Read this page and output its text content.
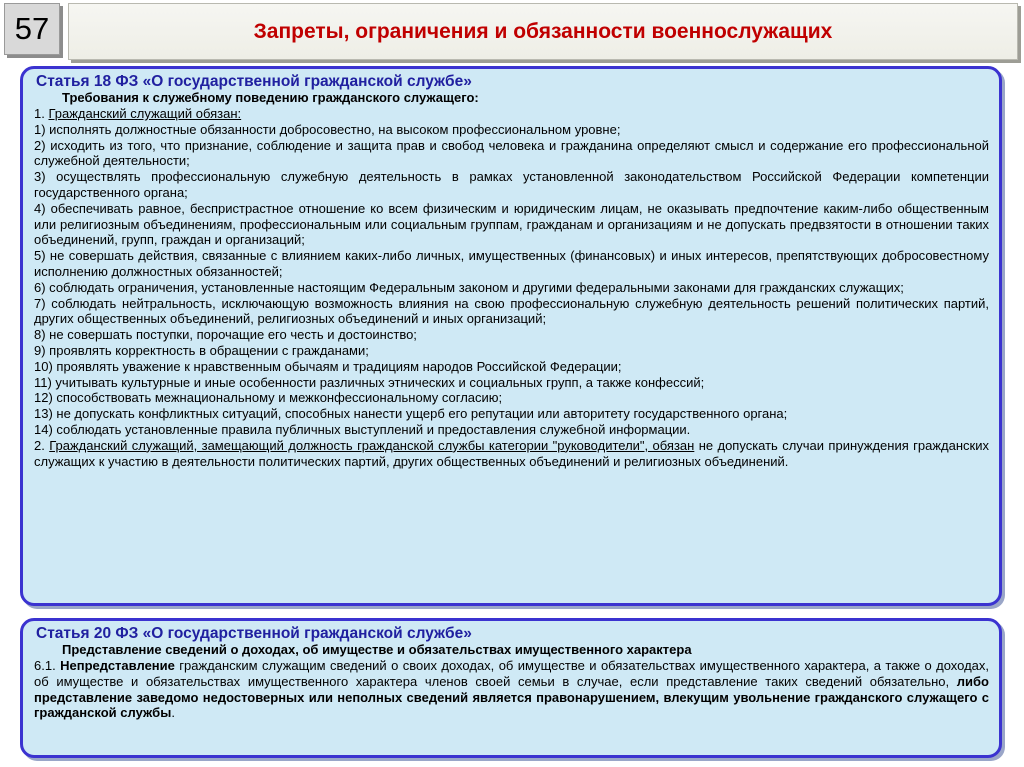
57	Запреты, ограничения и обязанности военнослужащих
Статья 18 ФЗ «О государственной гражданской службе»
Требования к служебному поведению гражданского служащего:

1. Гражданский служащий обязан:

1) исполнять должностные обязанности добросовестно, на высоком профессиональном уровне;

2) исходить из того, что признание, соблюдение и защита прав и свобод человека и гражданина определяют смысл и содержание его профессиональной служебной деятельности;

3) осуществлять профессиональную служебную деятельность в рамках установленной законодательством Российской Федерации компетенции государственного органа;

4) обеспечивать равное, беспристрастное отношение ко всем физическим и юридическим лицам, не оказывать предпочтение каким-либо общественным или религиозным объединениям, профессиональным или социальным группам, гражданам и организациям и не допускать предвзятости в отношении таких объединений, групп, граждан и организаций;

5) не совершать действия, связанные с влиянием каких-либо личных, имущественных (финансовых) и иных интересов, препятствующих добросовестному исполнению должностных обязанностей;

6) соблюдать ограничения, установленные настоящим Федеральным законом и другими федеральными законами для гражданских служащих;

7) соблюдать нейтральность, исключающую возможность влияния на свою профессиональную служебную деятельность решений политических партий, других общественных объединений, религиозных объединений и иных организаций;

8) не совершать поступки, порочащие его честь и достоинство;

9) проявлять корректность в обращении с гражданами;

10) проявлять уважение к нравственным обычаям и традициям народов Российской Федерации;

11) учитывать культурные и иные особенности различных этнических и социальных групп, а также конфессий;

12) способствовать межнациональному и межконфессиональному согласию;

13) не допускать конфликтных ситуаций, способных нанести ущерб его репутации или авторитету государственного органа;

14) соблюдать установленные правила публичных выступлений и предоставления служебной информации.

2. Гражданский служащий, замещающий должность гражданской службы категории "руководители", обязан не допускать случаи принуждения гражданских служащих к участию в деятельности политических партий, других общественных объединений и религиозных объединений.

Статья 20 ФЗ «О государственной гражданской службе»
Представление сведений о доходах, об имуществе и обязательствах имущественного характера

6.1. Непредставление гражданским служащим сведений о своих доходах, об имуществе и обязательствах имущественного характера, а также о доходах, об имуществе и обязательствах имущественного характера членов своей семьи в случае, если представление таких сведений обязательно, либо представление заведомо недостоверных или неполных сведений является правонарушением, влекущим увольнение гражданского служащего с гражданской службы.
